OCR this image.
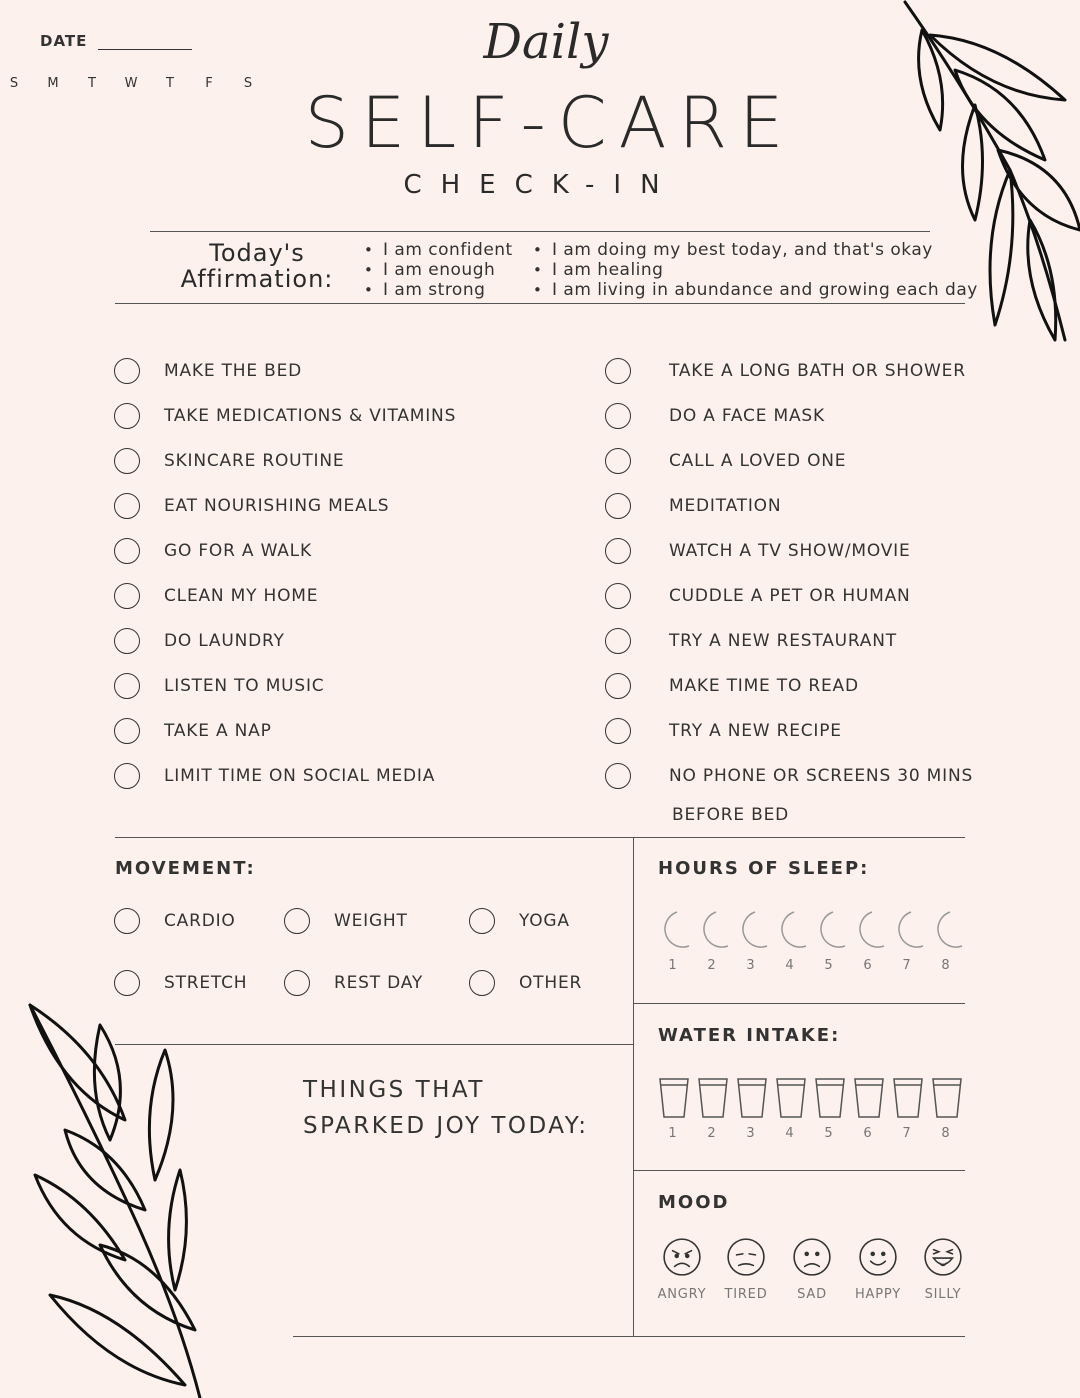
DATE
S M	T	W	T	F	S
Daily
SELF-CARE
CHECK-IN
Today's
Affirmation:
• I am confident
• I am enough
• I am strong
• I am doing my best today, and that's okay
• I am healing
• I am living in abundance and growing each day
MAKE THE BED
TAKE MEDICATIONS & VITAMINS
SKINCARE ROUTINE
EAT NOURISHING MEALS
GO FOR A WALK
CLEAN MY HOME
DO LAUNDRY
LISTEN TO MUSIC
TAKE A NAP
LIMIT TIME ON SOCIAL MEDIA
TAKE A LONG BATH OR SHOWER
DO A FACE MASK
CALL A LOVED ONE
MEDITATION
WATCH A TV SHOW/MOVIE
CUDDLE A PET OR HUMAN
TRY A NEW RESTAURANT
MAKE TIME TO READ
TRY A NEW RECIPE
NO PHONE OR SCREENS 30 MINS
BEFORE BED
MOVEMENT:
CARDIO	WEIGHT	YOGA
STRETCH	REST DAY	OTHER
THINGS THAT
SPARKED JOY TODAY:
HOURS OF SLEEP:
1	2	3	4	5	6	7	8
WATER INTAKE:
1	2	3	4	5	6	7	8
MOOD
ANGRY	TIRED	SAD	HAPPY	SILLY
